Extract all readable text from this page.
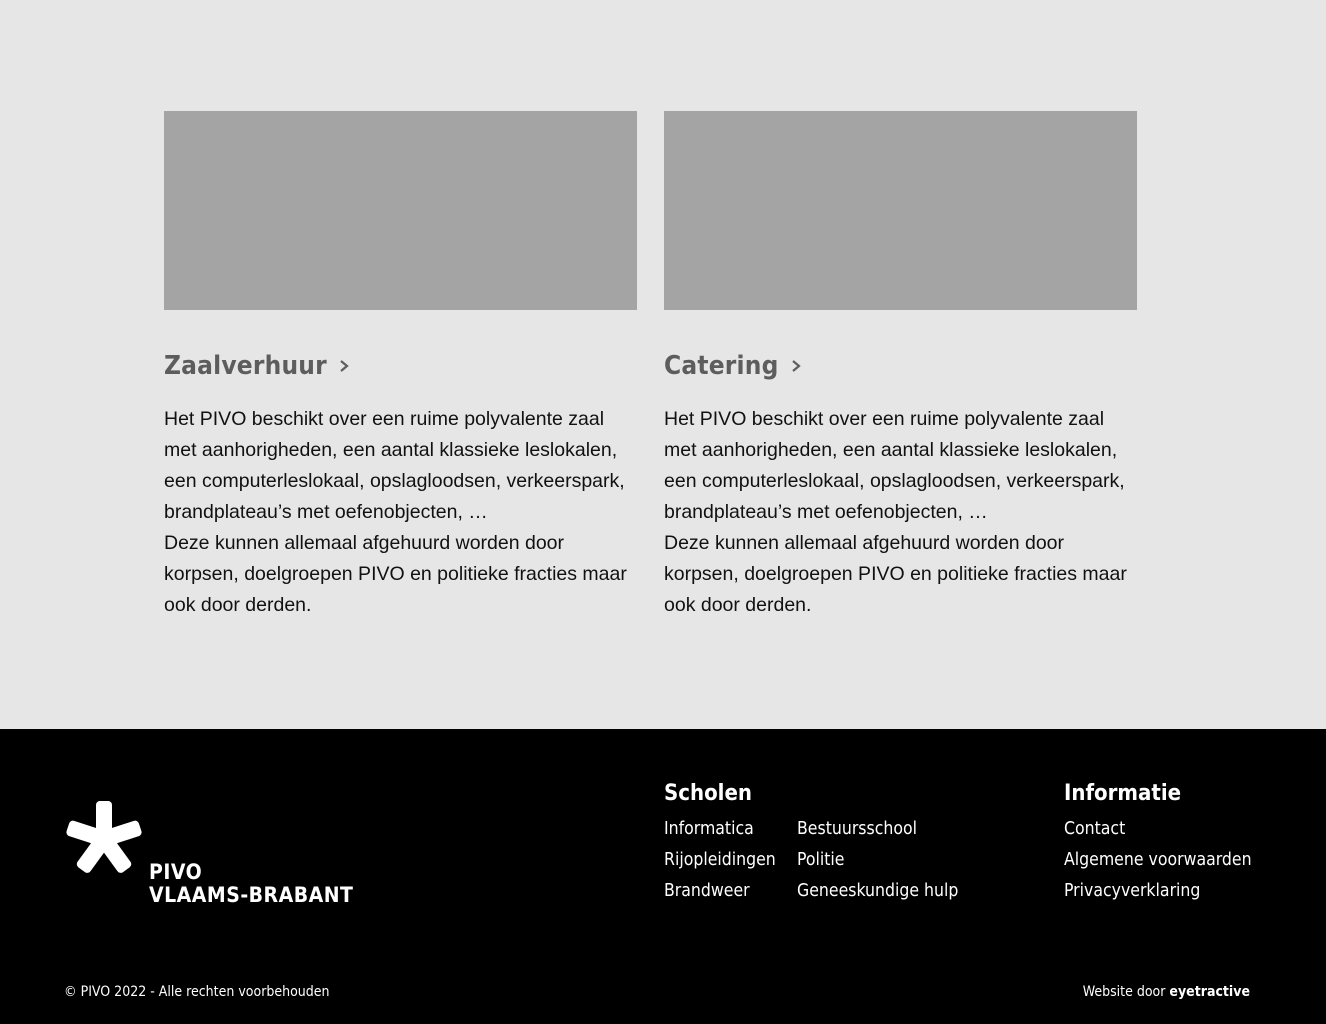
Zaalverhuur

Het PIVO beschikt over een ruime polyvalente zaal met aanhorigheden, een aantal klassieke leslokalen, een computerleslokaal, opslagloodsen, verkeerspark, brandplateau’s met oefenobjecten, …

Deze kunnen allemaal afgehuurd worden door korpsen, doelgroepen PIVO en politieke fracties maar ook door derden.

Catering

Het PIVO beschikt over een ruime polyvalente zaal met aanhorigheden, een aantal klassieke leslokalen, een computerleslokaal, opslagloodsen, verkeerspark, brandplateau’s met oefenobjecten, …

Deze kunnen allemaal afgehuurd worden door korpsen, doelgroepen PIVO en politieke fracties maar ook door derden.

PIVO
VLAAMS-BRABANT
Scholen
Informatica
Rijopleidingen
Brandweer
Bestuursschool
Politie
Geneeskundige hulp
Informatie
Contact
Algemene voorwaarden
Privacyverklaring
© PIVO 2022 - Alle rechten voorbehouden	Website door eyetractive
